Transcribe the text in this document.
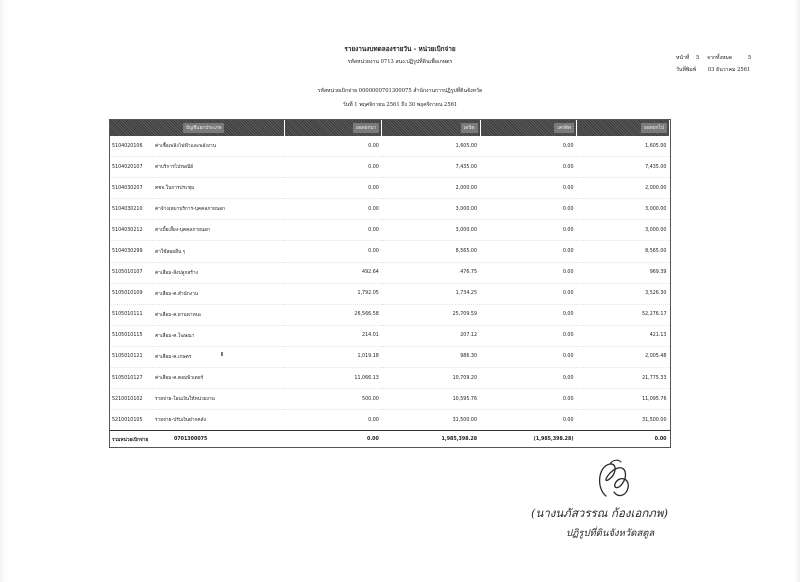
รายงานงบทดลองรายวัน - หน่วยเบิกจ่าย
รหัสหน่วยงาน 0713 สนง.ปฏิรูปที่ดินเพื่อเกษตร
รหัสหน่วยเบิกจ่าย 0000000701300075 สำนักงานการปฏิรูปที่ดินจังหวัด
วันที่ 1 พฤศจิกายน 2561 ถึง 30 พฤศจิกายน 2561
หน้าที่ 5 จากทั้งหมด	5
วันที่พิมพ์ 03 ธันวาคม 2561
บัญชีแยกประเภท		ยอดยกมา	เดบิต	เครดิต	ยอดยกไป
5104020106	ค่าเชื้อเพลิงไฟฟ้าและพลังงาน	0.00	1,605.00	0.00	1,605.00
5104020107	ค่าบริการไปรษณีย์	0.00	7,435.00	0.00	7,435.00
5104030207	คชจ.ในการประชุม	0.00	2,000.00	0.00	2,000.00
5104030210	ค่าจ้างเหมาบริการ-บุคคลภายนอก	0.00	3,000.00	0.00	3,000.00
5104030212	ค่าเบี้ยเลี้ยง-บุคคลภายนอก	0.00	3,000.00	0.00	3,000.00
5104030299	ค่าใช้สอยอื่น ๆ	0.00	8,565.00	0.00	8,565.00
5105010107	ค่าเสื่อม-สิ่งปลูกสร้าง	492.64	476.75	0.00	969.39
5105010109	ค่าเสื่อม-ค.สำนักงาน	1,792.05	1,734.25	0.00	3,526.30
5105010111	ค่าเสื่อม-ค.ยานพาหนะ	26,566.58	25,709.59	0.00	52,276.17
5105010115	ค่าเสื่อม-ค.โฆษณา	214.01	207.12	0.00	421.13
5105010121	ค่าเสื่อม-ค.เกษตร	1,019.18	986.30	0.00	2,005.48
5105010127	ค่าเสื่อม-ค.คอมพิวเตอร์	11,066.13	10,709.20	0.00	21,775.33
5210010102	รายจ่าย-โอนเงินให้หน่วยงาน	500.00	10,595.76	0.00	11,095.76
5210010105	รายจ่าย-ปรับเงินฝากคลัง	0.00	31,500.00	0.00	31,500.00
รวมหน่วยเบิกจ่าย	0701300075	0.00	1,985,398.28	(1,985,398.28)	0.00
(นางนภัสวรรณ ก้องเอกภพ)
ปฏิรูปที่ดินจังหวัดสตูล
